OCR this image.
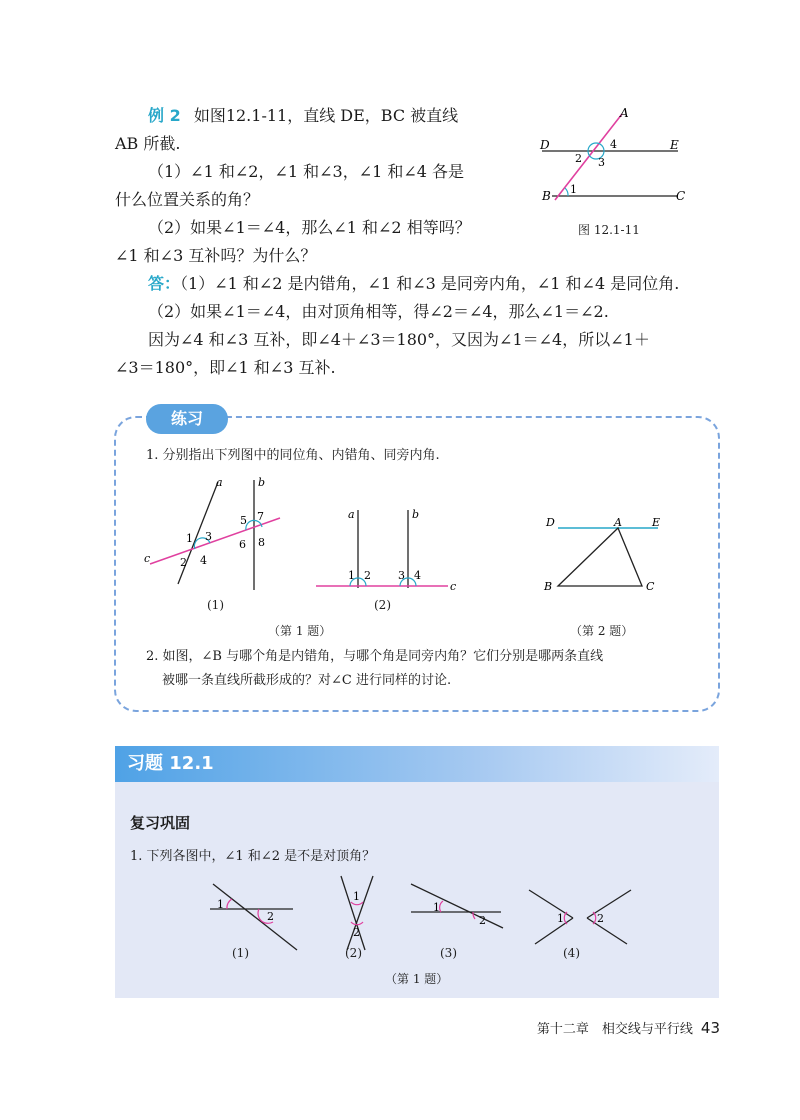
例 2 如图12.1-11，直线 DE，BC 被直线
AB 所截.
（1）∠1 和∠2，∠1 和∠3，∠1 和∠4 各是
什么位置关系的角？
（2）如果∠1＝∠4，那么∠1 和∠2 相等吗？
∠1 和∠3 互补吗？为什么？
答：（1）∠1 和∠2 是内错角，∠1 和∠3 是同旁内角，∠1 和∠4 是同位角.
（2）如果∠1＝∠4，由对顶角相等，得∠2＝∠4，那么∠1＝∠2.
因为∠4 和∠3 互补，即∠4＋∠3＝180°，又因为∠1＝∠4，所以∠1＋
∠3＝180°，即∠1 和∠3 互补.
A
D	E
B	C
1
2 3
4
图 12.1-11
练习
1. 分别指出下列图中的同位角、内错角、同旁内角.
a	b
c
1 3
2 4
5 7
6 8
(1)
a	b
c
1 2 3 4
(2)
D	A	E
B	C
（第 1 题）	（第 2 题）
2. 如图，∠B 与哪个角是内错角，与哪个角是同旁内角？它们分别是哪两条直线
被哪一条直线所截形成的？对∠C 进行同样的讨论.
习题 12.1
复习巩固
1. 下列各图中，∠1 和∠2 是不是对顶角？
1
2
1
2
1
2	1	2
(1)	(2)	(3)	(4)
（第 1 题）
第十二章　相交线与平行线 43
